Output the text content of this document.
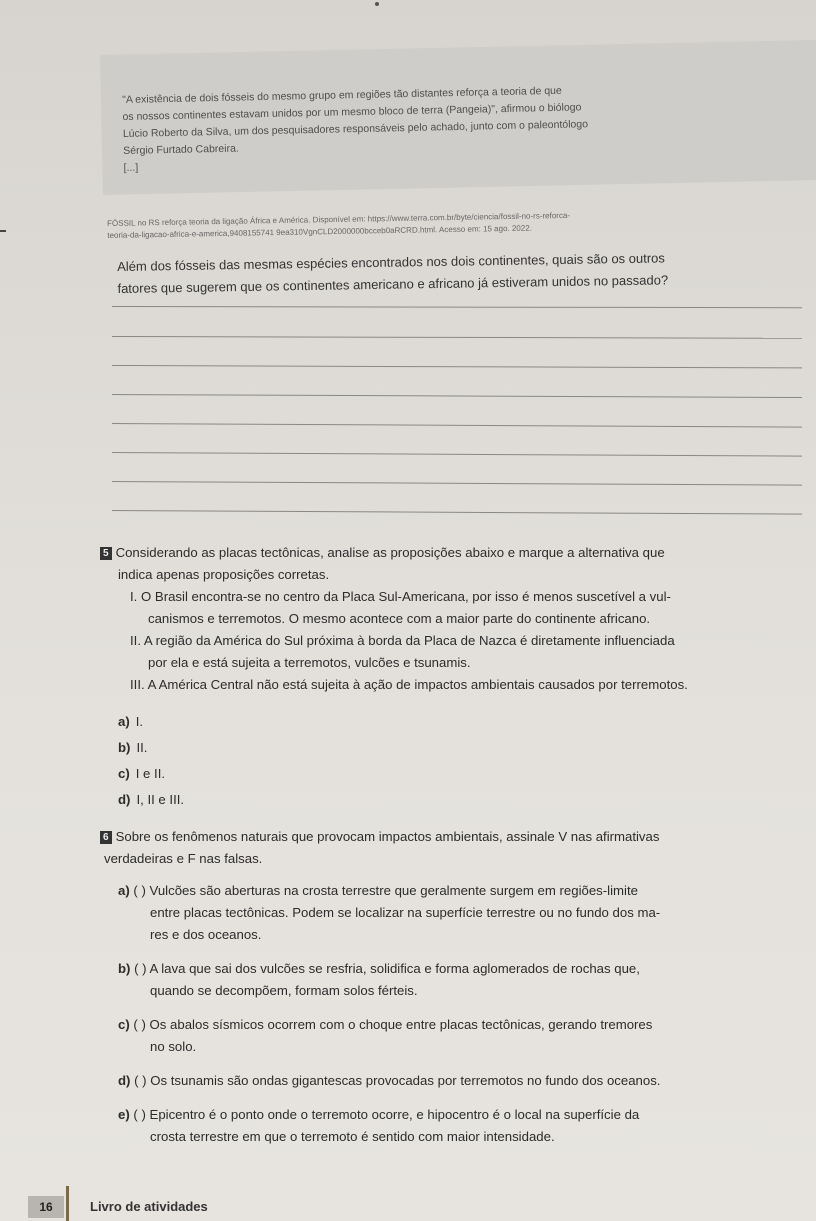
"A existência de dois fósseis do mesmo grupo em regiões tão distantes reforça a teoria de que

os nossos continentes estavam unidos por um mesmo bloco de terra (Pangeia)", afirmou o biólogo

Lúcio Roberto da Silva, um dos pesquisadores responsáveis pelo achado, junto com o paleontólogo

Sérgio Furtado Cabreira.

[...]

FÓSSIL no RS reforça teoria da ligação África e América. Disponível em: https://www.terra.com.br/byte/ciencia/fossil-no-rs-reforca-
teoria-da-ligacao-africa-e-america,9408155741 9ea310VgnCLD2000000bcceb0aRCRD.html. Acesso em: 15 ago. 2022.
Além dos fósseis das mesmas espécies encontrados nos dois continentes, quais são os outros
fatores que sugerem que os continentes americano e africano já estiveram unidos no passado?
5 Considerando as placas tectônicas, analise as proposições abaixo e marque a alternativa que
indica apenas proposições corretas.
I. O Brasil encontra-se no centro da Placa Sul-Americana, por isso é menos suscetível a vul-
canismos e terremotos. O mesmo acontece com a maior parte do continente africano.
II. A região da América do Sul próxima à borda da Placa de Nazca é diretamente influenciada
por ela e está sujeita a terremotos, vulcões e tsunamis.
III. A América Central não está sujeita à ação de impactos ambientais causados por terremotos.
a) I.
b) II.
c) I e II.
d) I, II e III.
6 Sobre os fenômenos naturais que provocam impactos ambientais, assinale V nas afirmativas
verdadeiras e F nas falsas.
a) ( ) Vulcões são aberturas na crosta terrestre que geralmente surgem em regiões-limite
entre placas tectônicas. Podem se localizar na superfície terrestre ou no fundo dos ma-
res e dos oceanos.
b) ( ) A lava que sai dos vulcões se resfria, solidifica e forma aglomerados de rochas que,
quando se decompõem, formam solos férteis.
c) ( ) Os abalos sísmicos ocorrem com o choque entre placas tectônicas, gerando tremores
no solo.
d) ( ) Os tsunamis são ondas gigantescas provocadas por terremotos no fundo dos oceanos.
e) ( ) Epicentro é o ponto onde o terremoto ocorre, e hipocentro é o local na superfície da
crosta terrestre em que o terremoto é sentido com maior intensidade.
16	Livro de atividades
